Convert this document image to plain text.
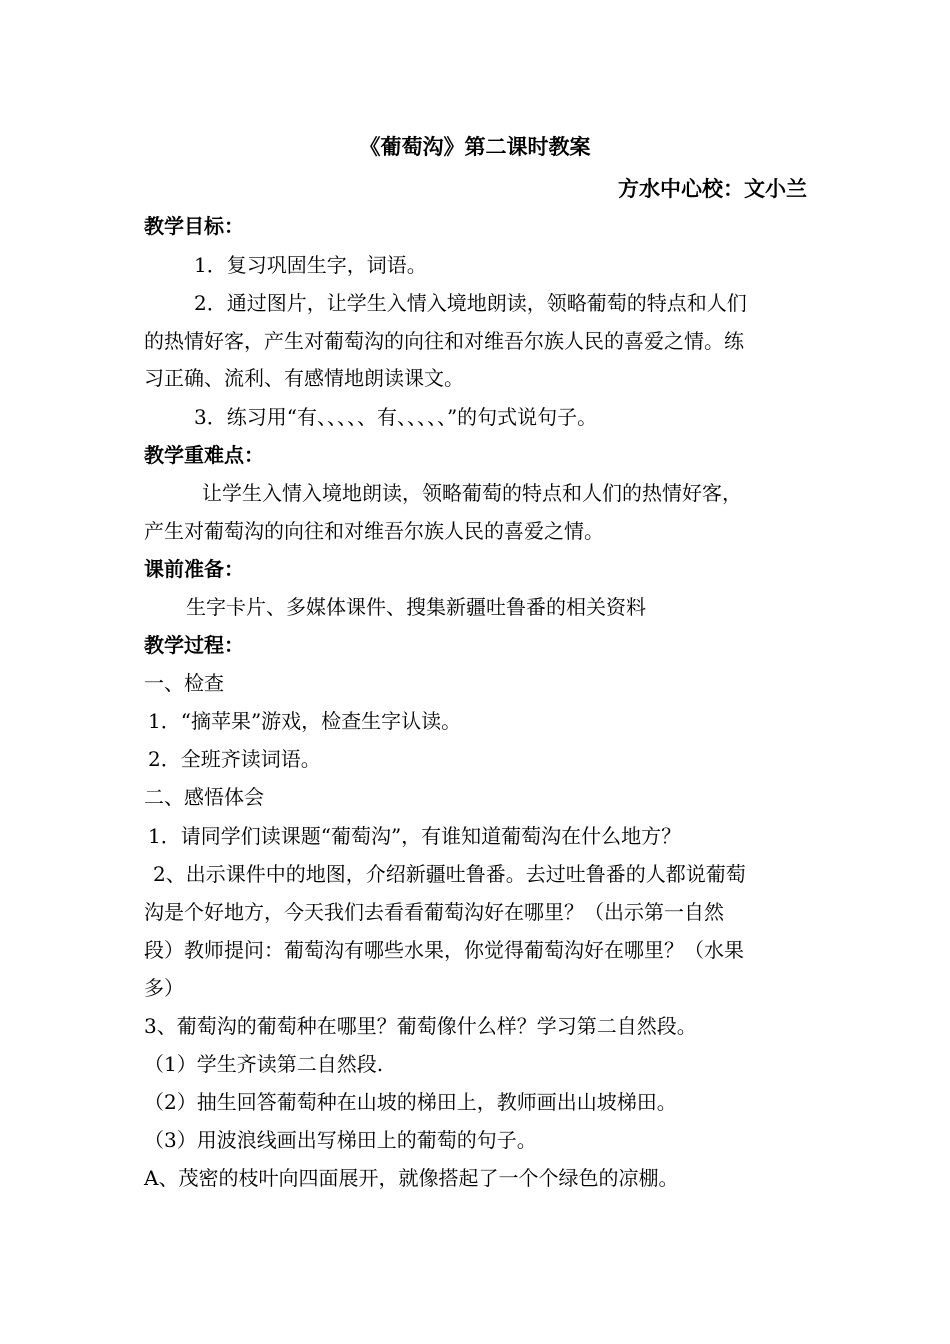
《葡萄沟》第二课时教案
方水中心校：文小兰
教学目标：
1．复习巩固生字，词语。
2．通过图片，让学生入情入境地朗读，领略葡萄的特点和人们
的热情好客，产生对葡萄沟的向往和对维吾尔族人民的喜爱之情。练
习正确、流利、有感情地朗读课文。
3．练习用“有、、、、、有、、、、、”的句式说句子。
教学重难点：
让学生入情入境地朗读，领略葡萄的特点和人们的热情好客，
产生对葡萄沟的向往和对维吾尔族人民的喜爱之情。
课前准备：
生字卡片、多媒体课件、搜集新疆吐鲁番的相关资料
教学过程：
一、检查
1．“摘苹果”游戏，检查生字认读。
2．全班齐读词语。
二、感悟体会
1．请同学们读课题“葡萄沟”，有谁知道葡萄沟在什么地方？
2、出示课件中的地图，介绍新疆吐鲁番。去过吐鲁番的人都说葡萄
沟是个好地方，今天我们去看看葡萄沟好在哪里？（出示第一自然
段）教师提问：葡萄沟有哪些水果，你觉得葡萄沟好在哪里？（水果
多）
3、葡萄沟的葡萄种在哪里？葡萄像什么样？学习第二自然段。
（1）学生齐读第二自然段.
（2）抽生回答葡萄种在山坡的梯田上，教师画出山坡梯田。
（3）用波浪线画出写梯田上的葡萄的句子。
A、茂密的枝叶向四面展开，就像搭起了一个个绿色的凉棚。
